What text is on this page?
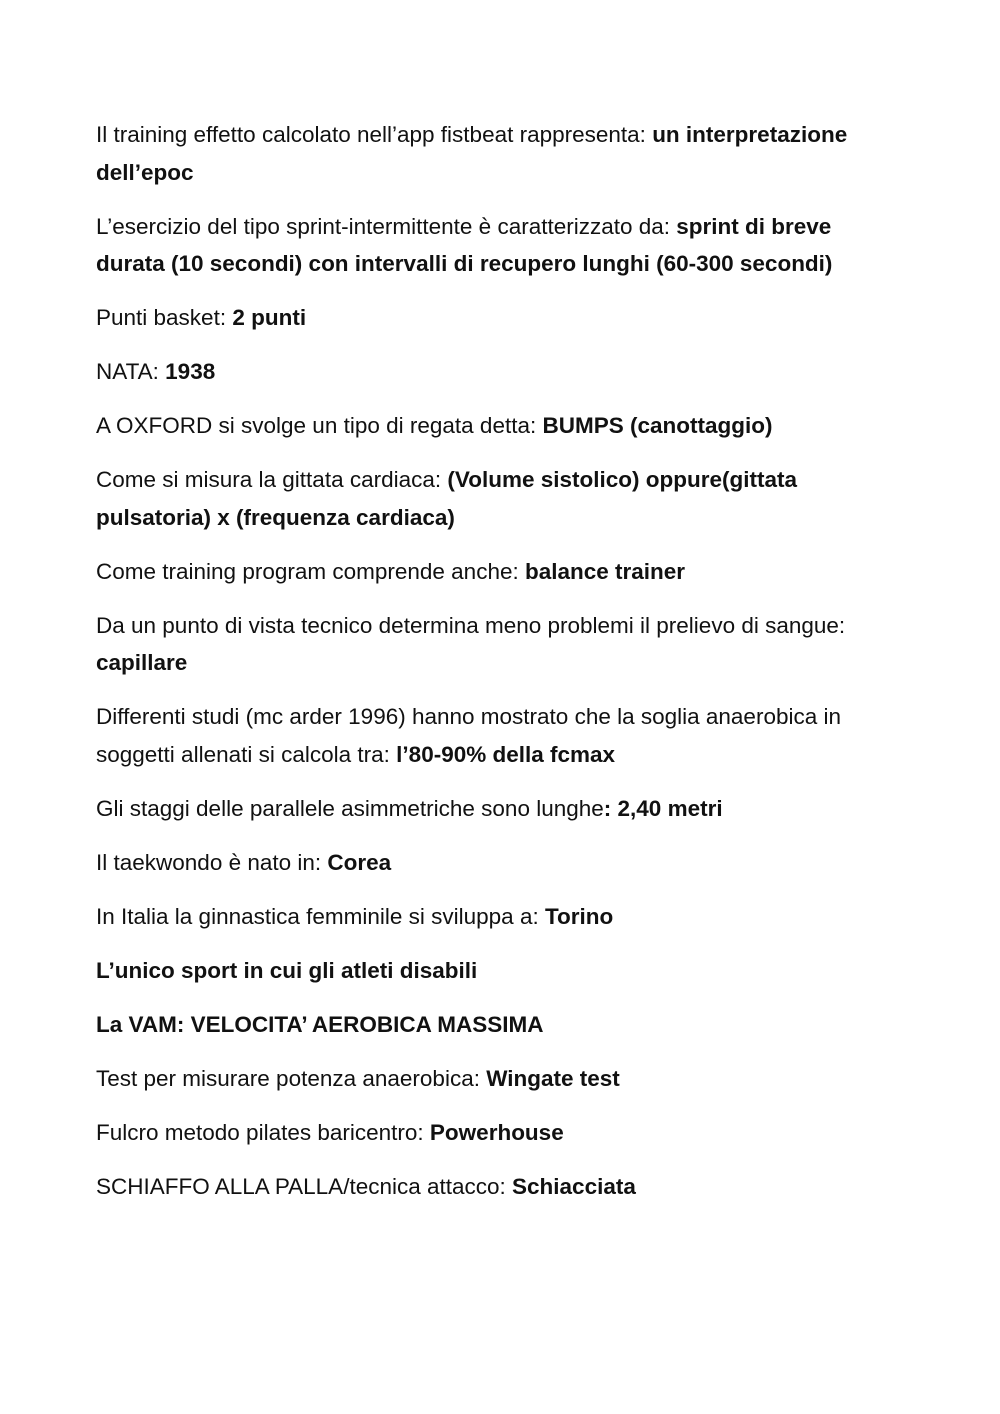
Il training effetto calcolato nell’app fistbeat rappresenta: un interpretazione dell’epoc

L’esercizio del tipo sprint-intermittente è caratterizzato da: sprint di breve durata (10 secondi) con intervalli di recupero lunghi (60-300 secondi)

Punti basket: 2 punti

NATA: 1938

A OXFORD si svolge un tipo di regata detta: BUMPS (canottaggio)

Come si misura la gittata cardiaca: (Volume sistolico) oppure(gittata pulsatoria) x (frequenza cardiaca)

Come training program comprende anche: balance trainer

Da un punto di vista tecnico determina meno problemi il prelievo di sangue: capillare

Differenti studi (mc arder 1996) hanno mostrato che la soglia anaerobica in soggetti allenati si calcola tra: l’80-90% della fcmax

Gli staggi delle parallele asimmetriche sono lunghe: 2,40 metri

Il taekwondo è nato in: Corea

In Italia la ginnastica femminile si sviluppa a: Torino

L’unico sport in cui gli atleti disabili

La VAM: VELOCITA’ AEROBICA MASSIMA

Test per misurare potenza anaerobica: Wingate test

Fulcro metodo pilates baricentro: Powerhouse

SCHIAFFO ALLA PALLA/tecnica attacco: Schiacciata
